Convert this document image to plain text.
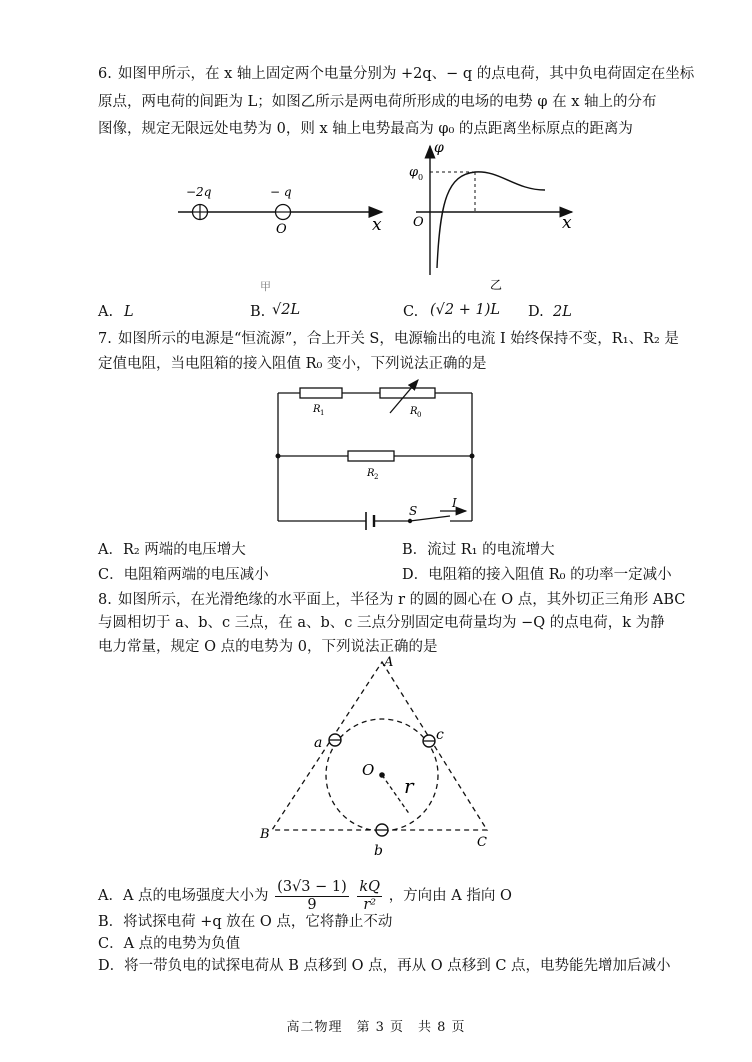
6. 如图甲所示，在 x 轴上固定两个电量分别为 +2q、− q 的点电荷，其中负电荷固定在坐标
原点，两电荷的间距为 L；如图乙所示是两电荷所形成的电场的电势 φ 在 x 轴上的分布
图像，规定无限远处电势为 0，则 x 轴上电势最高为 φ₀ 的点距离坐标原点的距离为
−2q	− q
O	x
甲
φ
φ 0
O	x
乙
A. L	B. √2L	C. (√2 + 1)L D. 2L
7. 如图所示的电源是“恒流源”，合上开关 S，电源输出的电流 I 始终保持不变，R₁、R₂ 是
定值电阻，当电阻箱的接入阻值 R₀ 变小，下列说法正确的是
R 1	R 0
R 2
S
I
A．R₂ 两端的电压增大	B．流过 R₁ 的电流增大
C．电阻箱两端的电压减小	D．电阻箱的接入阻值 R₀ 的功率一定减小
8. 如图所示，在光滑绝缘的水平面上，半径为 r 的圆的圆心在 O 点，其外切正三角形 ABC
与圆相切于 a、b、c 三点，在 a、b、c 三点分别固定电荷量均为 −Q 的点电荷，k 为静
电力常量，规定 O 点的电势为 0，下列说法正确的是
A
B
C
a	c
b
O
r
A．A 点的电场强度大小为 $\frac{(3√3 - 1)}{9}$
$\frac{kQ}{\text{r²}}$ ，方向由 A 指向 O
B．将试探电荷 +q 放在 O 点，它将静止不动
C．A 点的电势为负值
D．将一带负电的试探电荷从 B 点移到 O 点，再从 O 点移到 C 点，电势能先增加后减小
高二物理　第 3 页　共 8 页
